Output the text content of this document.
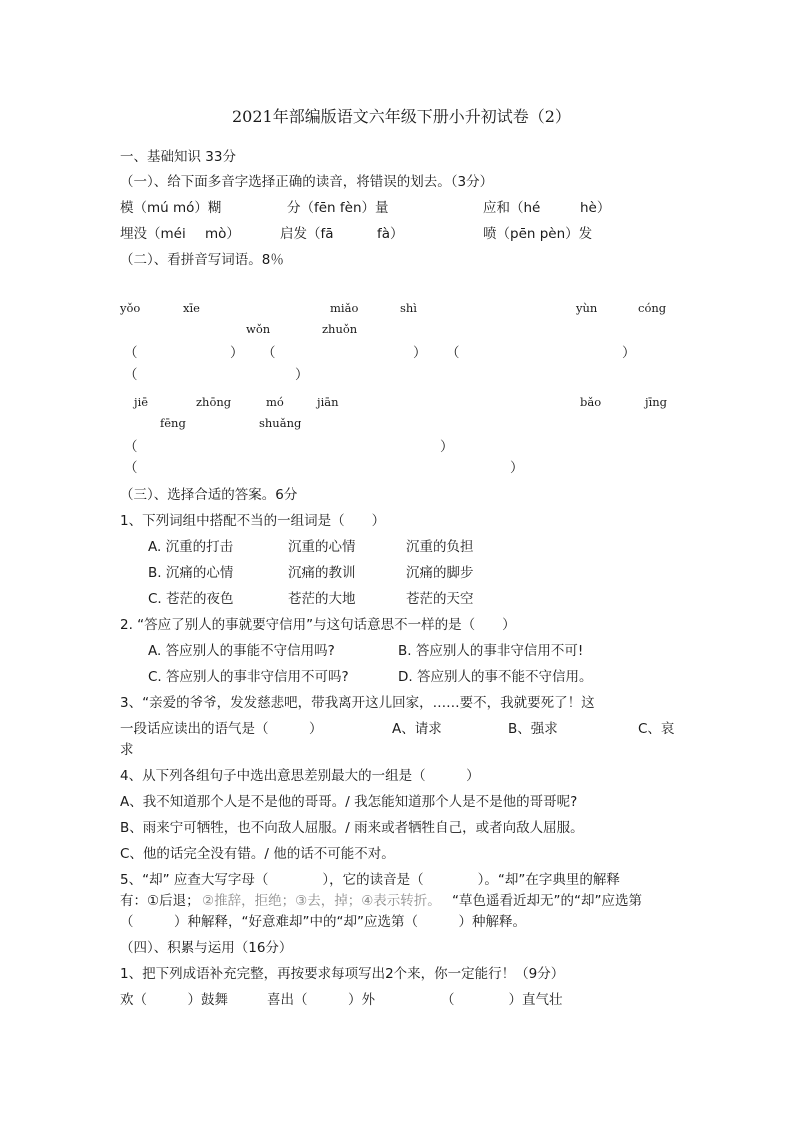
2021年部编版语文六年级下册小升初试卷（2）
一、基础知识 33分
（一）、给下面多音字选择正确的读音，将错误的划去。（3分）
模（mú mó）糊	分（fēn fèn）量	应和（hé	hè）
埋没（méi mò）	启发（fā	fà）	喷（pēn pèn）发
（二）、看拼音写词语。8％
yǒo	xīe	miǎo	shì	yùn	cóng
wǒn	zhuǒn
（	） （	） （	）
（	）
jiē	zhōng	mó	jiān	bǎo	jīng
fēng	shuǎng
（	）
（	）
（三）、选择合适的答案。6分
1、下列词组中搭配不当的一组词是（　　）
A. 沉重的打击	沉重的心情	沉重的负担
B. 沉痛的心情	沉痛的教训	沉痛的脚步
C. 苍茫的夜色	苍茫的大地	苍茫的天空
2. “答应了别人的事就要守信用”与这句话意思不一样的是（　　）
A. 答应别人的事能不守信用吗?	B. 答应别人的事非守信用不可!
C. 答应别人的事非守信用不可吗?	D. 答应别人的事不能不守信用。
3、“亲爱的爷爷，发发慈悲吧，带我离开这儿回家，……要不，我就要死了！这
一段话应读出的语气是（　　　）	A、请求	B、强求	C、哀
求
4、从下列各组句子中选出意思差别最大的一组是（　　　）
A、我不知道那个人是不是他的哥哥。/ 我怎能知道那个人是不是他的哥哥呢?
B、雨来宁可牺牲，也不向敌人屈服。/ 雨来或者牺牲自己，或者向敌人屈服。
C、他的话完全没有错。/ 他的话不可能不对。
5、“却” 应查大写字母（　　　　），它的读音是（　　　　）。“却”在字典里的解释
有：①后退； ②推辞，拒绝；③去，掉；④表示转折。 “草色遥看近却无”的“却”应选第
（　　　）种解释，“好意难却”中的“却”应选第（　　　）种解释。
（四）、积累与运用（16分）
1、把下列成语补充完整，再按要求每项写出2个来，你一定能行！（9分）
欢（　　　）鼓舞	喜出（　　　）外	（　　　　）直气壮
